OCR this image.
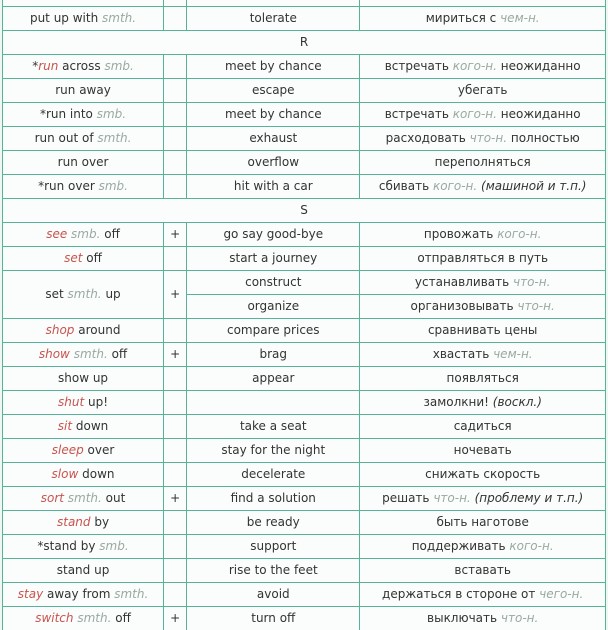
put up with smth.		tolerate	мириться с чем-н.
R			
*run across smb.		meet by chance	встречать кого-н. неожиданно
run away		escape	убегать
*run into smb.		meet by chance	встречать кого-н. неожиданно
run out of smth.		exhaust	расходовать что-н. полностью
run over		overflow	переполняться
*run over smb.		hit with a car	сбивать кого-н. (машиной и т.п.)
S			
see smb. off	+	go say good-bye	провожать кого-н.
set off		start a journey	отправляться в путь
set smth. up	+	construct	устанавливать что-н.
		organize	организовывать что-н.
shop around		compare prices	сравнивать цены
show smth. off	+	brag	хвастать чем-н.
show up		appear	появляться
shut up!			замолкни! (воскл.)
sit down		take a seat	садиться
sleep over		stay for the night	ночевать
slow down		decelerate	снижать скорость
sort smth. out	+	find a solution	решать что-н. (проблему и т.п.)
stand by		be ready	быть наготове
*stand by smb.		support	поддерживать кого-н.
stand up		rise to the feet	вставать
stay away from smth.		avoid	держаться в стороне от чего-н.
switch smth. off	+	turn off	выключать что-н.
